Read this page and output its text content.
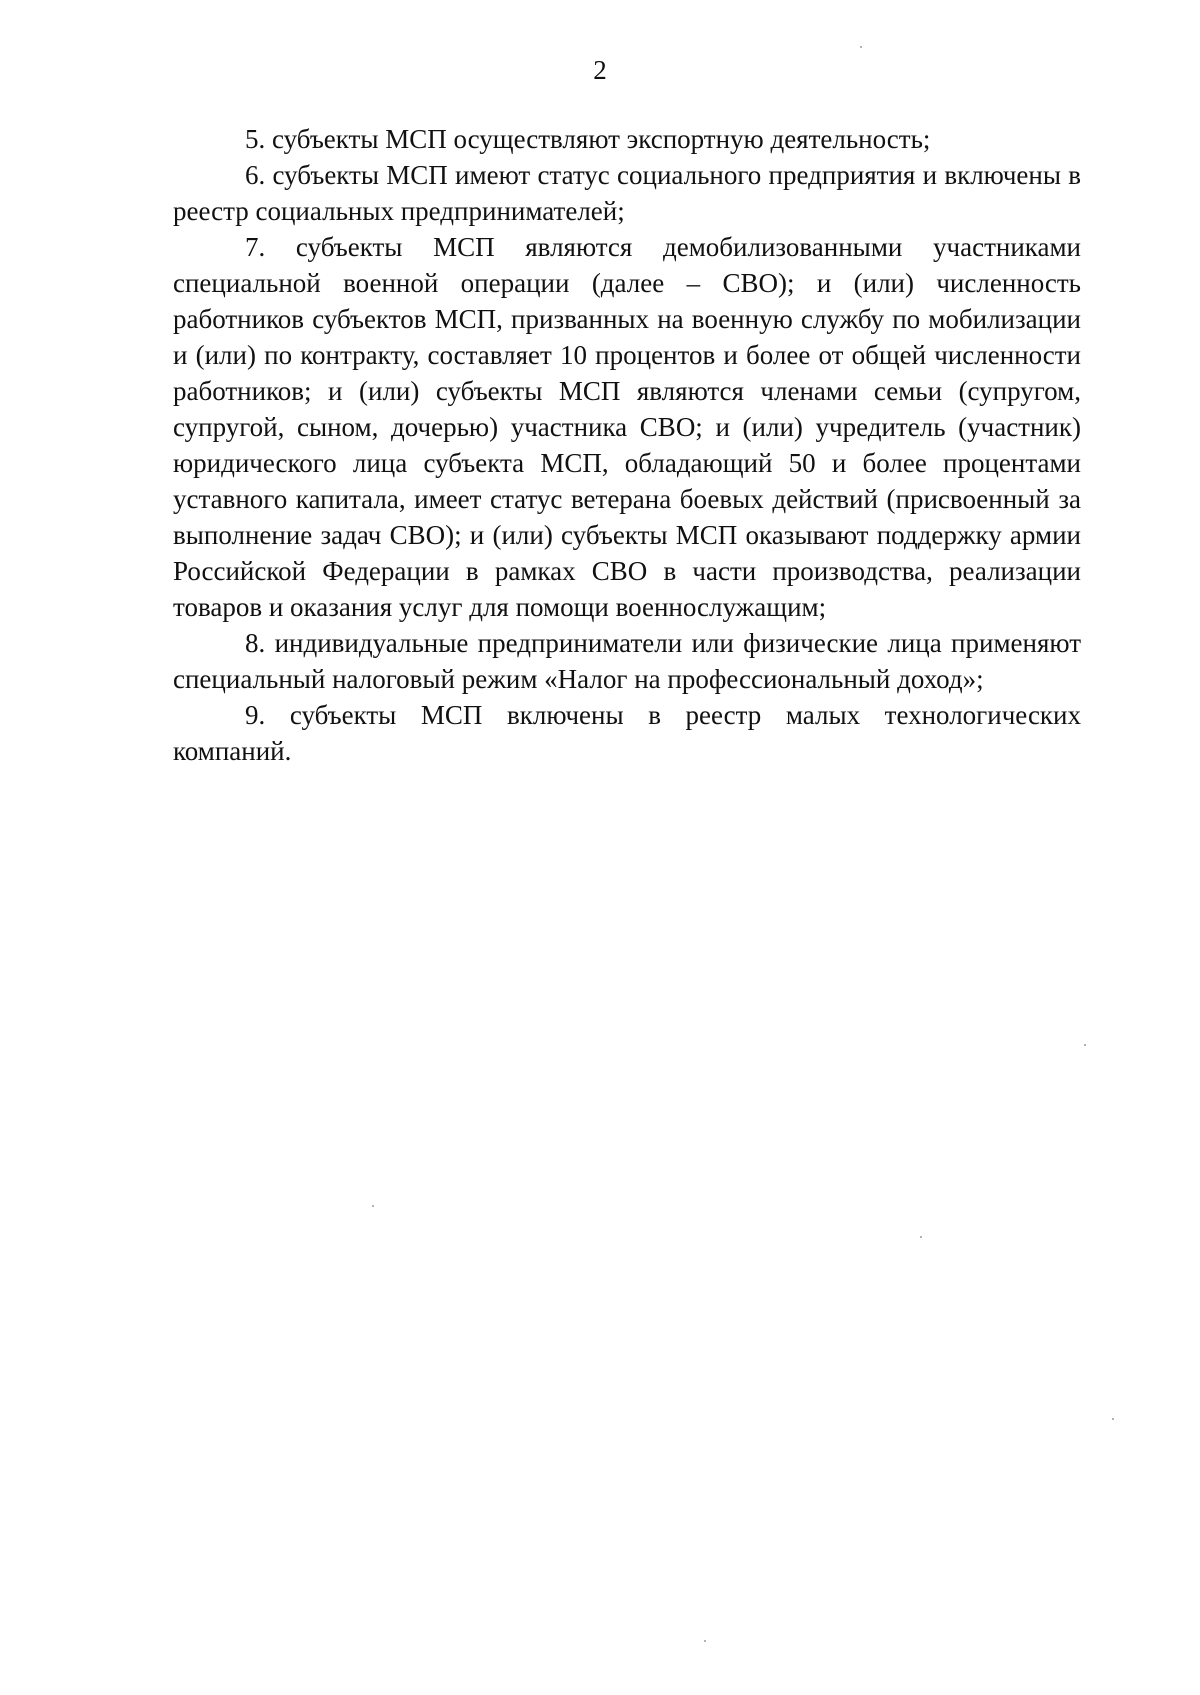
2

5. субъекты МСП осуществляют экспортную деятельность;

6. субъекты МСП имеют статус социального предприятия и включены в реестр социальных предпринимателей;

7. субъекты МСП являются демобилизованными участниками специальной военной операции (далее – СВО); и (или) численность работников субъектов МСП, призванных на военную службу по мобилизации и (или) по контракту, составляет 10 процентов и более от общей численности работников; и (или) субъекты МСП являются членами семьи (супругом, супругой, сыном, дочерью) участника СВО; и (или) учредитель (участник) юридического лица субъекта МСП, обладающий 50 и более процентами уставного капитала, имеет статус ветерана боевых действий (присвоенный за выполнение задач СВО); и (или) субъекты МСП оказывают поддержку армии Российской Федерации в рамках СВО в части производства, реализации товаров и оказания услуг для помощи военнослужащим;

8. индивидуальные предприниматели или физические лица применяют специальный налоговый режим «Налог на профессиональный доход»;

9. субъекты МСП включены в реестр малых технологических компаний.
